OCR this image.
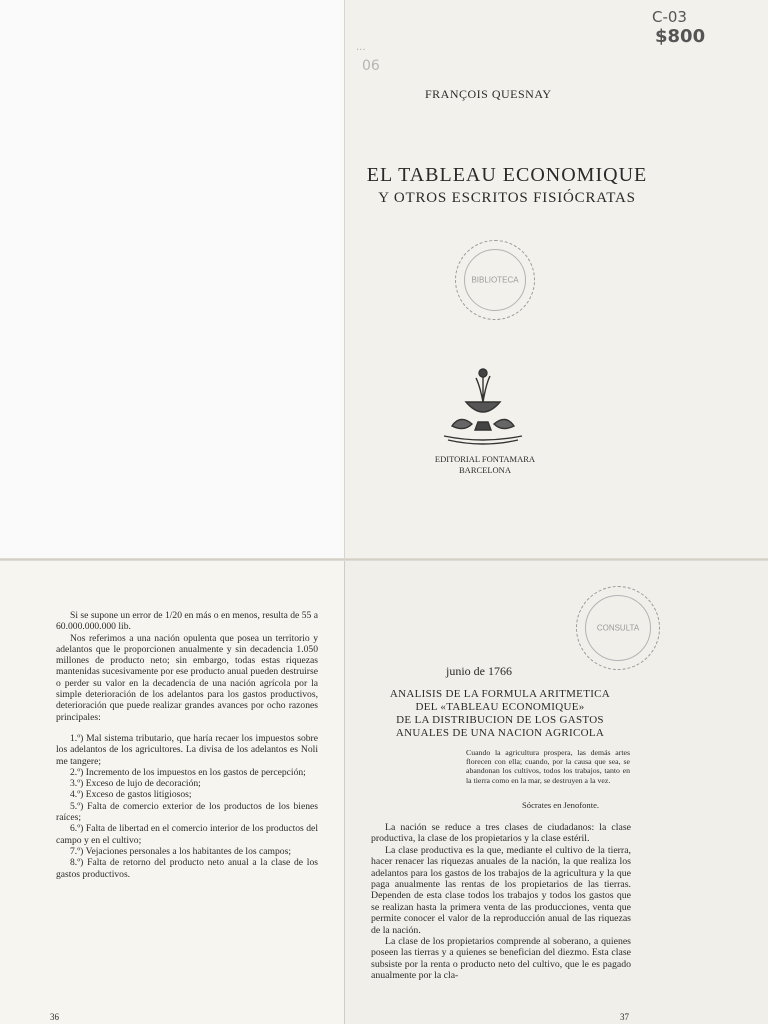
C-03
$800
...
06
FRANÇOIS QUESNAY
EL TABLEAU ECONOMIQUE
Y OTROS ESCRITOS FISIÓCRATAS
BIBLIOTECA
EDITORIAL FONTAMARA
BARCELONA

Si se supone un error de 1/20 en más o en menos, resulta de 55 a 60.000.000.000 lib.

Nos referimos a una nación opulenta que posea un territorio y adelantos que le proporcionen anualmente y sin decadencia 1.050 millones de producto neto; sin embargo, todas estas riquezas mantenidas sucesivamente por ese producto anual pueden destruirse o perder su valor en la decadencia de una nación agrícola por la simple deterioración de los adelantos para los gastos productivos, deterioración que puede realizar grandes avances por ocho razones principales:

1.º) Mal sistema tributario, que haría recaer los impuestos sobre los adelantos de los agricultores. La divisa de los adelantos es Noli me tangere;

2.º) Incremento de los impuestos en los gastos de percepción;

3.º) Exceso de lujo de decoración;

4.º) Exceso de gastos litigiosos;

5.º) Falta de comercio exterior de los productos de los bienes raíces;

6.º) Falta de libertad en el comercio interior de los productos del campo y en el cultivo;

7.º) Vejaciones personales a los habitantes de los campos;

8.º) Falta de retorno del producto neto anual a la clase de los gastos productivos.

36
CONSULTA
junio de 1766
ANALISIS DE LA FORMULA ARITMETICA
DEL «TABLEAU ECONOMIQUE»
DE LA DISTRIBUCION DE LOS GASTOS
ANUALES DE UNA NACION AGRICOLA
Cuando la agricultura prospera, las demás artes florecen con ella; cuando, por la causa que sea, se abandonan los cultivos, todos los trabajos, tanto en la tierra como en la mar, se destruyen a la vez.
Sócrates en Jenofonte.

La nación se reduce a tres clases de ciudadanos: la clase productiva, la clase de los propietarios y la clase estéril.

La clase productiva es la que, mediante el cultivo de la tierra, hacer renacer las riquezas anuales de la nación, la que realiza los adelantos para los gastos de los trabajos de la agricultura y la que paga anualmente las rentas de los propietarios de las tierras. Dependen de esta clase todos los trabajos y todos los gastos que se realizan hasta la primera venta de las producciones, venta que permite conocer el valor de la reproducción anual de las riquezas de la nación.

La clase de los propietarios comprende al soberano, a quienes poseen las tierras y a quienes se benefician del diezmo. Esta clase subsiste por la renta o producto neto del cultivo, que le es pagado anualmente por la cla-

37
